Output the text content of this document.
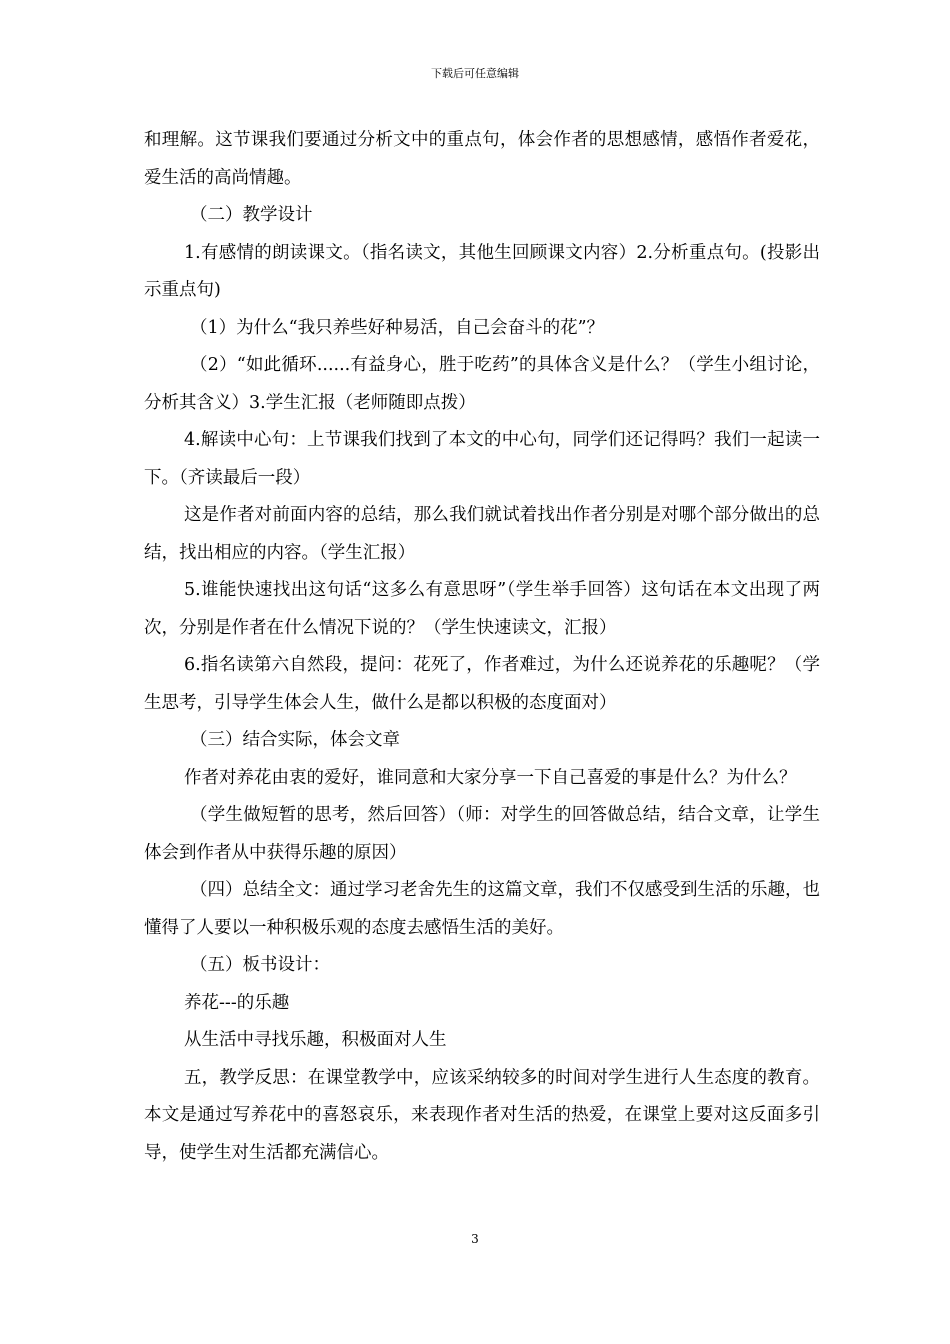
下载后可任意编辑

和理解。这节课我们要通过分析文中的重点句，体会作者的思想感情，感悟作者爱花，爱生活的高尚情趣。

（二）教学设计

1.有感情的朗读课文。（指名读文，其他生回顾课文内容）2.分析重点句。(投影出示重点句)

（1）为什么“我只养些好种易活，自己会奋斗的花”？

（2）“如此循环......有益身心，胜于吃药”的具体含义是什么？（学生小组讨论，分析其含义）3.学生汇报（老师随即点拨）

4.解读中心句：上节课我们找到了本文的中心句，同学们还记得吗？我们一起读一下。（齐读最后一段）

这是作者对前面内容的总结，那么我们就试着找出作者分别是对哪个部分做出的总结，找出相应的内容。（学生汇报）

5.谁能快速找出这句话“这多么有意思呀”（学生举手回答）这句话在本文出现了两次，分别是作者在什么情况下说的？（学生快速读文，汇报）

6.指名读第六自然段，提问：花死了，作者难过，为什么还说养花的乐趣呢？（学生思考，引导学生体会人生，做什么是都以积极的态度面对）

（三）结合实际，体会文章

作者对养花由衷的爱好，谁同意和大家分享一下自己喜爱的事是什么？为什么？

（学生做短暂的思考，然后回答）（师：对学生的回答做总结，结合文章，让学生体会到作者从中获得乐趣的原因）

（四）总结全文：通过学习老舍先生的这篇文章，我们不仅感受到生活的乐趣，也懂得了人要以一种积极乐观的态度去感悟生活的美好。

（五）板书设计：

养花---的乐趣

从生活中寻找乐趣，积极面对人生

五，教学反思：在课堂教学中，应该采纳较多的时间对学生进行人生态度的教育。本文是通过写养花中的喜怒哀乐，来表现作者对生活的热爱，在课堂上要对这反面多引导，使学生对生活都充满信心。

3
